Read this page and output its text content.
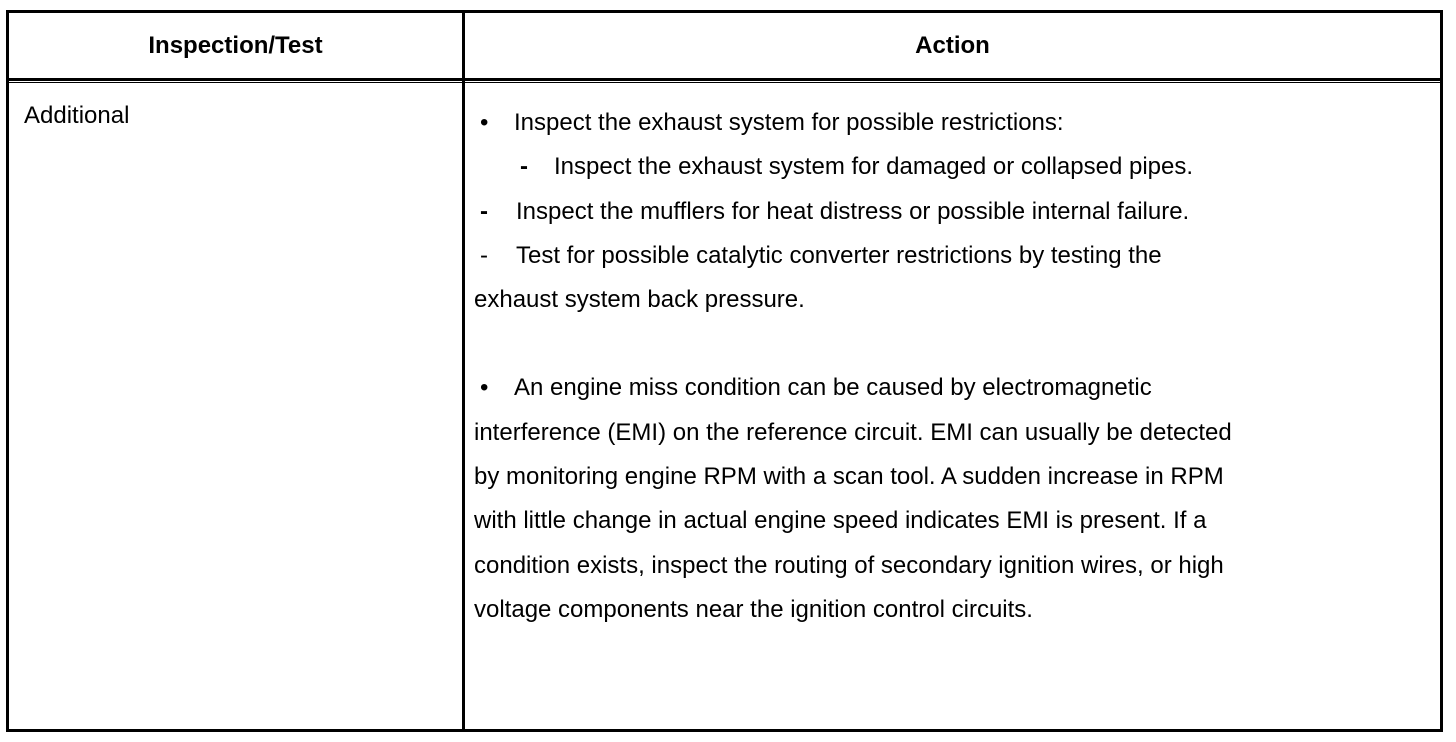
Inspection/Test	Action
Additional	• Inspect the exhaust system for possible restrictions:
- Inspect the exhaust system for damaged or collapsed pipes.
- Inspect the mufflers for heat distress or possible internal failure.
- Test for possible catalytic converter restrictions by testing the
exhaust system back pressure.
• An engine miss condition can be caused by electromagnetic
interference (EMI) on the reference circuit. EMI can usually be detected
by monitoring engine RPM with a scan tool. A sudden increase in RPM
with little change in actual engine speed indicates EMI is present. If a
condition exists, inspect the routing of secondary ignition wires, or high
voltage components near the ignition control circuits.
